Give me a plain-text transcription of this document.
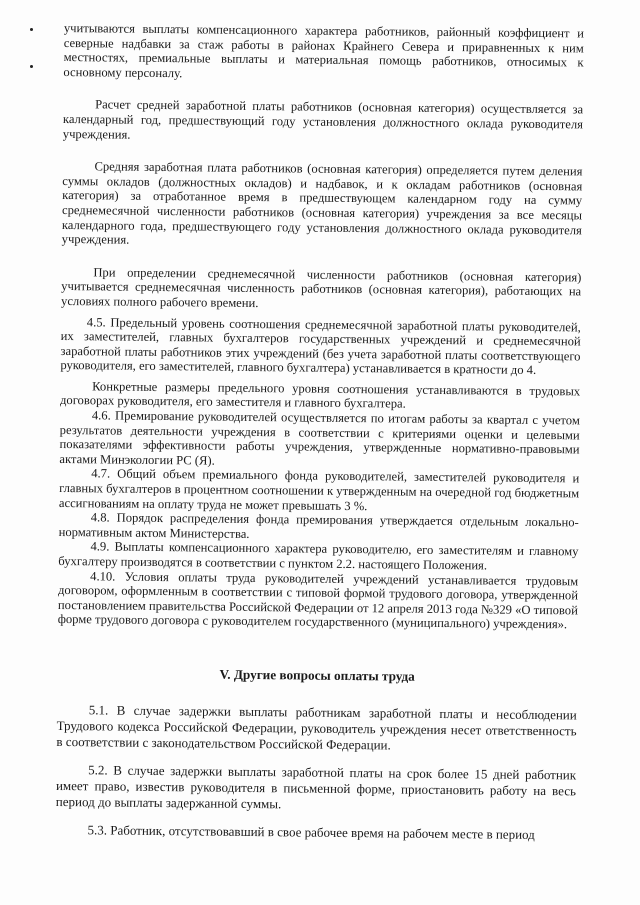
учитываются выплаты компенсационного характера работников, районный коэффициент и северные надбавки за стаж работы в районах Крайнего Севера и приравненных к ним местностях, премиальные выплаты и материальная помощь работников, относимых к основному персоналу.

Расчет средней заработной платы работников (основная категория) осуществляется за календарный год, предшествующий году установления должностного оклада руководителя учреждения.

Средняя заработная плата работников (основная категория) определяется путем деления суммы окладов (должностных окладов) и надбавок, и к окладам работников (основная категория) за отработанное время в предшествующем календарном году на сумму среднемесячной численности работников (основная категория) учреждения за все месяцы календарного года, предшествующего году установления должностного оклада руководителя учреждения.

При определении среднемесячной численности работников (основная категория) учитывается среднемесячная численность работников (основная категория), работающих на условиях полного рабочего времени.

4.5. Предельный уровень соотношения среднемесячной заработной платы руководителей, их заместителей, главных бухгалтеров государственных учреждений и среднемесячной заработной платы работников этих учреждений (без учета заработной платы соответствующего руководителя, его заместителей, главного бухгалтера) устанавливается в кратности до 4.

Конкретные размеры предельного уровня соотношения устанавливаются в трудовых договорах руководителя, его заместителя и главного бухгалтера.

4.6. Премирование руководителей осуществляется по итогам работы за квартал с учетом результатов деятельности учреждения в соответствии с критериями оценки и целевыми показателями эффективности работы учреждения, утвержденные нормативно-правовыми актами Минэкологии РС (Я).

4.7. Общий объем премиального фонда руководителей, заместителей руководителя и главных бухгалтеров в процентном соотношении к утвержденным на очередной год бюджетным ассигнованиям на оплату труда не может превышать 3 %.

4.8. Порядок распределения фонда премирования утверждается отдельным локально-нормативным актом Министерства.

4.9. Выплаты компенсационного характера руководителю, его заместителям и главному бухгалтеру производятся в соответствии с пунктом 2.2. настоящего Положения.

4.10. Условия оплаты труда руководителей учреждений устанавливается трудовым договором, оформленным в соответствии с типовой формой трудового договора, утвержденной постановлением правительства Российской Федерации от 12 апреля 2013 года №329 «О типовой форме трудового договора с руководителем государственного (муниципального) учреждения».

V. Другие вопросы оплаты труда

5.1. В случае задержки выплаты работникам заработной платы и несоблюдении Трудового кодекса Российской Федерации, руководитель учреждения несет ответственность в соответствии с законодательством Российской Федерации.

5.2. В случае задержки выплаты заработной платы на срок более 15 дней работник имеет право, известив руководителя в письменной форме, приостановить работу на весь период до выплаты задержанной суммы.

5.3. Работник, отсутствовавший в свое рабочее время на рабочем месте в период
